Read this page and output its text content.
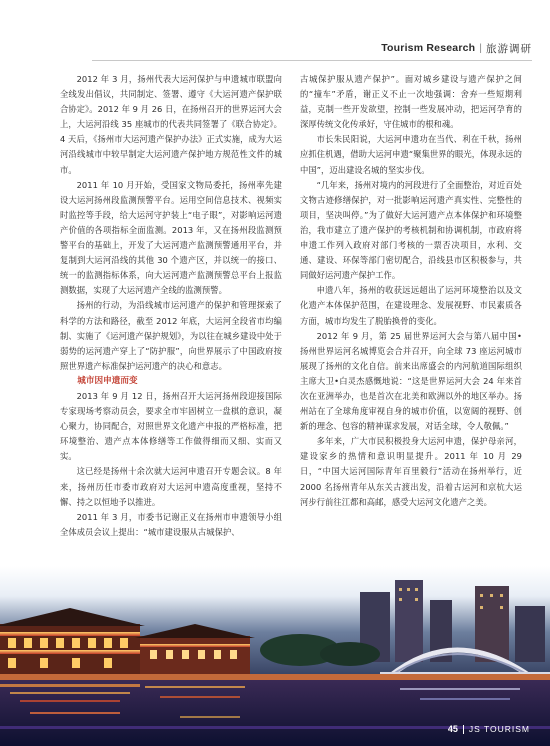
Tourism Research | 旅游调研

2012 年 3 月，扬州代表大运河保护与申遗城市联盟向全线发出倡议，共同制定、签署、遵守《大运河遗产保护联合协定》。2012 年 9 月 26 日，在扬州召开的世界运河大会上，大运河沿线 35 座城市的代表共同签署了《联合协定》。4 天后，《扬州市大运河遗产保护办法》正式实施，成为大运河沿线城市中较早制定大运河遗产保护地方规范性文件的城市。

2011 年 10 月开始，受国家文物局委托，扬州率先建设大运河扬州段监测预警平台。运用空间信息技术、视频实时监控等手段，给大运河守护装上“电子眼”，对影响运河遗产价值的各项指标全面监测。2013 年，又在扬州段监测预警平台的基础上，开发了大运河遗产监测预警通用平台，并复制到大运河沿线的其他 30 个遗产区，并以统一的接口、统一的监测指标体系，向大运河遗产监测预警总平台上报监测数据，实现了大运河遗产全线的监测预警。

扬州的行动，为沿线城市运河遗产的保护和管理探索了科学的方法和路径，截至 2012 年底，大运河全段省市均编制、实施了《运河遗产保护规划》，为以往在城乡建设中处于弱势的运河遗产穿上了“防护服”，向世界展示了中国政府按照世界遗产标准保护运河遗产的决心和意志。

城市因申遗而变

2013 年 9 月 12 日，扬州召开大运河扬州段迎接国际专家现场考察动员会，要求全市牢固树立一盘棋的意识，凝心聚力，协同配合，对照世界文化遗产申报的严格标准，把环境整治、遗产点本体修缮等工作做得细而又细、实而又实。

这已经是扬州十余次就大运河申遗召开专题会议。8 年来，扬州历任市委市政府对大运河申遗高度重视，坚持不懈、持之以恒地予以推进。

2011 年 3 月，市委书记谢正义在扬州市申遗领导小组全体成员会议上提出：“城市建设服从古城保护、

古城保护服从遗产保护”。面对城乡建设与遗产保护之间的“撞车”矛盾，谢正义不止一次地强调：舍弃一些短期利益，克制一些开发欲望，控制一些发展冲动，把运河孕育的深厚传统文化传承好，守住城市的根和魂。

市长朱民阳说，大运河申遗功在当代、利在千秋，扬州应抓住机遇，借助大运河申遗“聚集世界的眼光，体现永远的中国”，迈出建设名城的坚实步伐。

“几年来，扬州对境内的河段进行了全面整治，对近百处文物古迹修缮保护，对一批影响运河遗产真实性、完整性的项目，坚决叫停。”为了做好大运河遗产点本体保护和环境整治，我市建立了遗产保护的考核机制和协调机制，市政府将申遗工作列入政府对部门考核的一票否决项目，水利、交通、建设、环保等部门密切配合，沿线县市区积极参与，共同做好运河遗产保护工作。

申遗八年，扬州的收获远远超出了运河环境整治以及文化遗产本体保护范围，在建设理念、发展视野、市民素质各方面，城市均发生了脱胎换骨的变化。

2012 年 9 月，第 25 届世界运河大会与第八届中国•扬州世界运河名城博览会合并召开，向全球 73 座运河城市展现了扬州的文化自信。前来出席盛会的内河航道国际组织主席大卫•白灵杰感慨地说：“这是世界运河大会 24 年来首次在亚洲举办，也是首次在北美和欧洲以外的地区举办。扬州站在了全球角度审视自身的城市价值，以宽阔的视野、创新的理念、包容的精神谋求发展，对话全球，令人敬佩。”

多年来，广大市民积极投身大运河申遗，保护母亲河，建设家乡的热情和意识明显提升。2011 年 10 月 29 日，“中国大运河国际青年百里毅行”活动在扬州举行，近 2000 名扬州青年从东关古渡出发，沿着古运河和京杭大运河步行前往江都和高邮，感受大运河文化遗产之美。

45 JS TOURISM
